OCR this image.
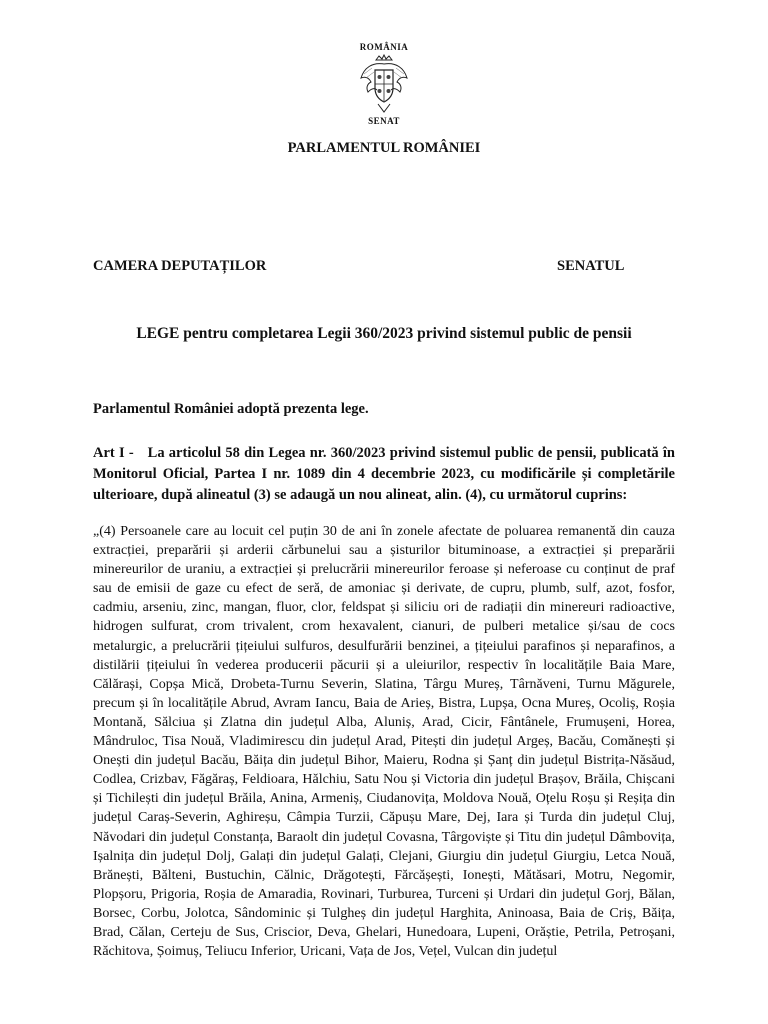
ROMÂNIA
SENAT
PARLAMENTUL ROMÂNIEI
CAMERA DEPUTAȚILOR	SENATUL
LEGE pentru completarea Legii 360/2023 privind sistemul public de pensii
Parlamentul României adoptă prezenta lege.
Art I - La articolul 58 din Legea nr. 360/2023 privind sistemul public de pensii, publicată în Monitorul Oficial, Partea I nr. 1089 din 4 decembrie 2023, cu modificările și completările ulterioare, după alineatul (3) se adaugă un nou alineat, alin. (4), cu următorul cuprins:
„(4) Persoanele care au locuit cel puțin 30 de ani în zonele afectate de poluarea remanentă din cauza extracției, preparării și arderii cărbunelui sau a șisturilor bituminoase, a extracției și preparării minereurilor de uraniu, a extracției și prelucrării minereurilor feroase și neferoase cu conținut de praf sau de emisii de gaze cu efect de seră, de amoniac și derivate, de cupru, plumb, sulf, azot, fosfor, cadmiu, arseniu, zinc, mangan, fluor, clor, feldspat și siliciu ori de radiații din minereuri radioactive, hidrogen sulfurat, crom trivalent, crom hexavalent, cianuri, de pulberi metalice și/sau de cocs metalurgic, a prelucrării țițeiului sulfuros, desulfurării benzinei, a țițeiului parafinos și neparafinos, a distilării țițeiului în vederea producerii păcurii și a uleiurilor, respectiv în localitățile Baia Mare, Călărași, Copșa Mică, Drobeta-Turnu Severin, Slatina, Târgu Mureș, Târnăveni, Turnu Măgurele, precum și în localitățile Abrud, Avram Iancu, Baia de Arieș, Bistra, Lupșa, Ocna Mureș, Ocoliș, Roșia Montană, Sălciua și Zlatna din județul Alba, Aluniș, Arad, Cicir, Fântânele, Frumușeni, Horea, Mândruloc, Tisa Nouă, Vladimirescu din județul Arad, Pitești din județul Argeș, Bacău, Comănești și Onești din județul Bacău, Băița din județul Bihor, Maieru, Rodna și Șanț din județul Bistrița-Năsăud, Codlea, Crizbav, Făgăraș, Feldioara, Hălchiu, Satu Nou și Victoria din județul Brașov, Brăila, Chișcani și Tichilești din județul Brăila, Anina, Armeniș, Ciudanovița, Moldova Nouă, Oțelu Roșu și Reșița din județul Caraș-Severin, Aghireșu, Câmpia Turzii, Căpușu Mare, Dej, Iara și Turda din județul Cluj, Năvodari din județul Constanța, Baraolt din județul Covasna, Târgoviște și Titu din județul Dâmbovița, Ișalnița din județul Dolj, Galați din județul Galați, Clejani, Giurgiu din județul Giurgiu, Letca Nouă, Brănești, Bălteni, Bustuchin, Călnic, Drăgotești, Fărcășești, Ionești, Mătăsari, Motru, Negomir, Plopșoru, Prigoria, Roșia de Amaradia, Rovinari, Turburea, Turceni și Urdari din județul Gorj, Bălan, Borsec, Corbu, Jolotca, Sândominic și Tulgheș din județul Harghita, Aninoasa, Baia de Criș, Băița, Brad, Călan, Certeju de Sus, Criscior, Deva, Ghelari, Hunedoara, Lupeni, Orăștie, Petrila, Petroșani, Răchitova, Șoimuș, Teliucu Inferior, Uricani, Vața de Jos, Vețel, Vulcan din județul
